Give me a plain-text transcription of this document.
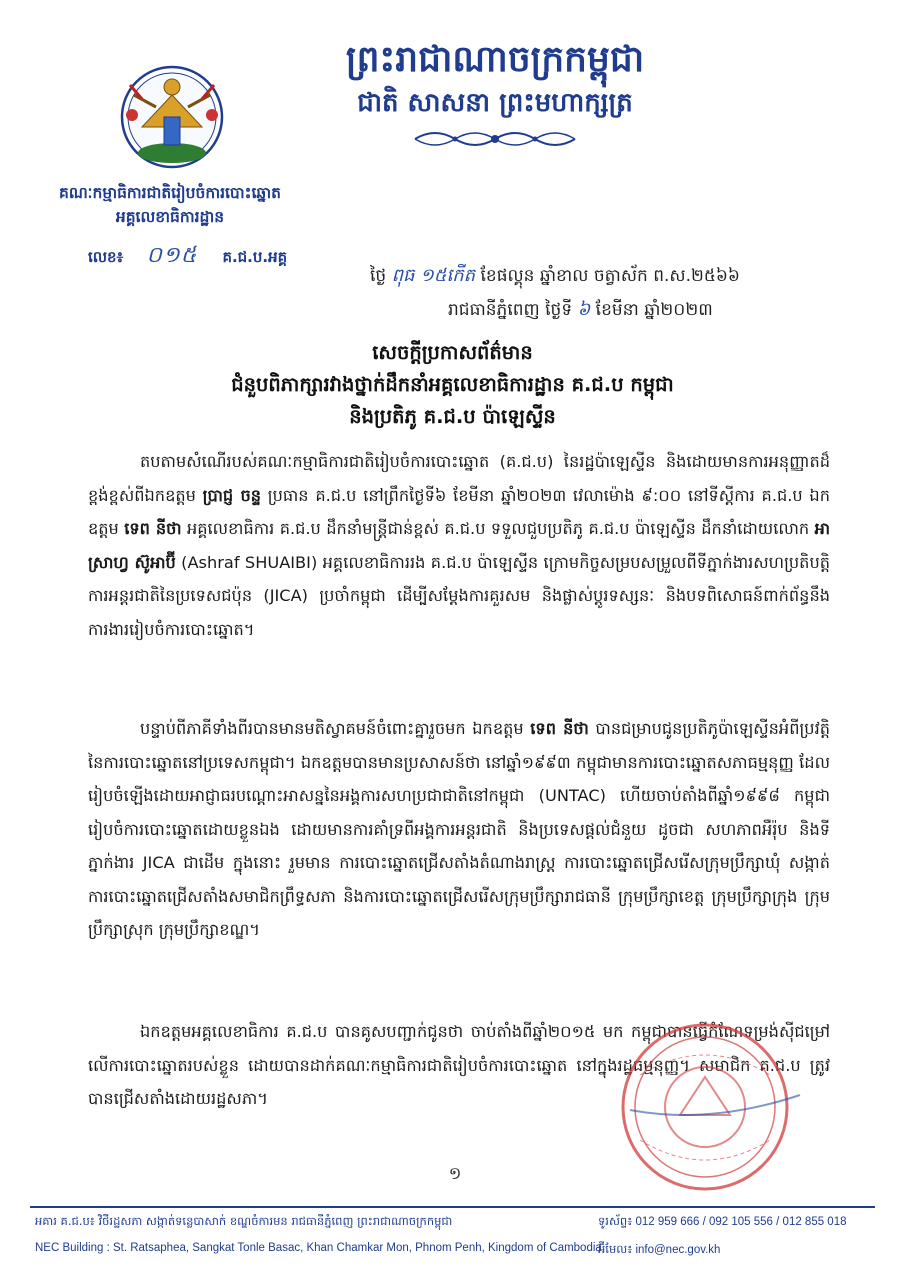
ព្រះរាជាណាចក្រកម្ពុជា
ជាតិ សាសនា ព្រះមហាក្សត្រ
គណៈកម្មាធិការជាតិរៀបចំការបោះឆ្នោត
អគ្គលេខាធិការដ្ឋាន
លេខ៖ ០១៥ គ.ជ.ប.អគ្គ
ថ្ងៃ ពុធ ១៥កើត ខែផល្គុន ឆ្នាំខាល ចត្វាស័ក ព.ស.២៥៦៦
រាជធានីភ្នំពេញ ថ្ងៃទី ៦ ខែមីនា ឆ្នាំ២០២៣
សេចក្តីប្រកាសព័ត៌មាន
ជំនួបពិភាក្សារវាងថ្នាក់ដឹកនាំអគ្គលេខាធិការដ្ឋាន គ.ជ.ប កម្ពុជា
និងប្រតិភូ គ.ជ.ប ប៉ាឡេស្ទីន
តបតាមសំណើរបស់គណៈកម្មាធិការជាតិរៀបចំការបោះឆ្នោត (គ.ជ.ប) នៃរដ្ឋប៉ាឡេស្ទីន និងដោយមានការអនុញ្ញាតដ៏ខ្ពង់ខ្ពស់ពីឯកឧត្តម ប្រាជ្ញ ចន្ទ ប្រធាន គ.ជ.ប នៅព្រឹកថ្ងៃទី៦ ខែមីនា ឆ្នាំ២០២៣ វេលាម៉ោង ៩:០០ នៅទីស្តីការ គ.ជ.ប ឯកឧត្តម ទេព នីថា អគ្គលេខាធិការ គ.ជ.ប ដឹកនាំមន្ត្រីជាន់ខ្ពស់ គ.ជ.ប ទទួលជួបប្រតិភូ គ.ជ.ប ប៉ាឡេស្ទីន ដឹកនាំដោយលោក អាស្រាហ្វ ស៊ូអាប៊ី (Ashraf SHUAIBI) អគ្គលេខាធិការរង គ.ជ.ប ប៉ាឡេស្ទីន ក្រោមកិច្ចសម្របសម្រួលពីទីភ្នាក់ងារសហប្រតិបត្តិការអន្តរជាតិនៃប្រទេសជប៉ុន (JICA) ប្រចាំកម្ពុជា ដើម្បីសម្តែងការគួរសម និងផ្លាស់ប្តូរទស្សនៈ និងបទពិសោធន៍ពាក់ព័ន្ធនឹងការងាររៀបចំការបោះឆ្នោត។
បន្ទាប់ពីភាគីទាំងពីរបានមានមតិស្វាគមន៍ចំពោះគ្នារួចមក ឯកឧត្តម ទេព នីថា បានជម្រាបជូនប្រតិភូប៉ាឡេស្ទីនអំពីប្រវត្តិនៃការបោះឆ្នោតនៅប្រទេសកម្ពុជា។ ឯកឧត្តមបានមានប្រសាសន៍ថា នៅឆ្នាំ១៩៩៣ កម្ពុជាមានការបោះឆ្នោតសភាធម្មនុញ្ញ ដែលរៀបចំឡើងដោយអាជ្ញាធរបណ្តោះអាសន្ននៃអង្គការសហប្រជាជាតិនៅកម្ពុជា (UNTAC) ហើយចាប់តាំងពីឆ្នាំ១៩៩៨ កម្ពុជារៀបចំការបោះឆ្នោតដោយខ្លួនឯង ដោយមានការគាំទ្រពីអង្គការអន្តរជាតិ និងប្រទេសផ្តល់ជំនួយ ដូចជា សហភាពអឺរ៉ុប និងទីភ្នាក់ងារ JICA ជាដើម ក្នុងនោះ រួមមាន ការបោះឆ្នោតជ្រើសតាំងតំណាងរាស្ត្រ ការបោះឆ្នោតជ្រើសរើសក្រុមប្រឹក្សាឃុំ សង្កាត់ ការបោះឆ្នោតជ្រើសតាំងសមាជិកព្រឹទ្ធសភា និងការបោះឆ្នោតជ្រើសរើសក្រុមប្រឹក្សារាជធានី ក្រុមប្រឹក្សាខេត្ត ក្រុមប្រឹក្សាក្រុង ក្រុមប្រឹក្សាស្រុក ក្រុមប្រឹក្សាខណ្ឌ។
ឯកឧត្តមអគ្គលេខាធិការ គ.ជ.ប បានគូសបញ្ជាក់ជូនថា ចាប់តាំងពីឆ្នាំ២០១៥ មក កម្ពុជាបានធ្វើកំណែទម្រង់ស៊ីជម្រៅលើការបោះឆ្នោតរបស់ខ្លួន ដោយបានដាក់គណៈកម្មាធិការជាតិរៀបចំការបោះឆ្នោត នៅក្នុងរដ្ឋធម្មនុញ្ញ។ សមាជិក គ.ជ.ប ត្រូវបានជ្រើសតាំងដោយរដ្ឋសភា។
១
អគារ គ.ជ.ប៖ វិថីរដ្ឋសភា សង្កាត់ទន្លេបាសាក់ ខណ្ឌចំការមន រាជធានីភ្នំពេញ ព្រះរាជាណាចក្រកម្ពុជា
NEC Building : St. Ratsaphea, Sangkat Tonle Basac, Khan Chamkar Mon, Phnom Penh, Kingdom of Cambodia
ទូរស័ព្ទ៖ 012 959 666 / 092 105 556 / 012 855 018
អ៊ីមែល៖ info@nec.gov.kh
